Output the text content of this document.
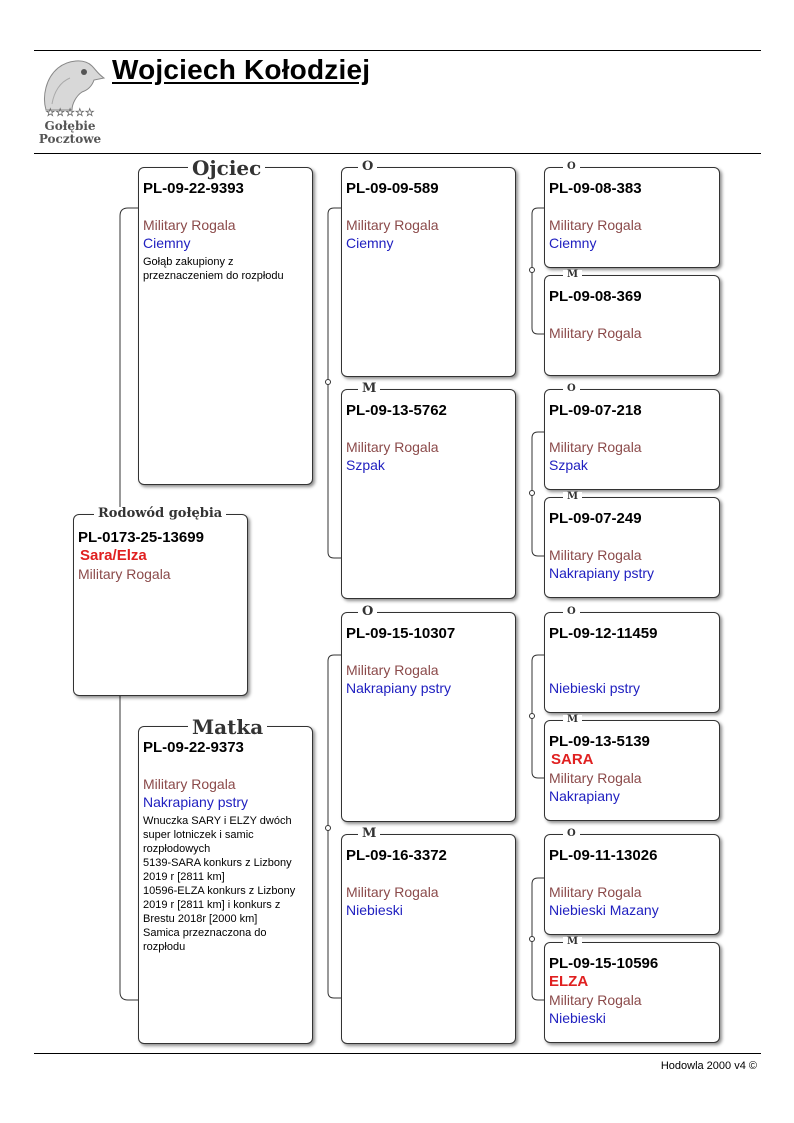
☆☆☆☆☆
Gołębie
Pocztowe
Wojciech Kołodziej
PL-0173-25-13699
Sara/Elza
Military Rogala
Rodowód gołębia
PL-09-22-9393
Military Rogala
Ciemny
Gołąb zakupiony z przeznaczeniem do rozpłodu
Ojciec
PL-09-22-9373
Military Rogala
Nakrapiany pstry
Wnuczka SARY i ELZY dwóch super lotniczek i samic rozpłodowych
5139-SARA konkurs z Lizbony 2019 r [2811 km]
10596-ELZA konkurs z Lizbony 2019 r [2811 km] i konkurs z Brestu 2018r [2000 km]
Samica przeznaczona do rozpłodu
Matka
PL-09-09-589
Military Rogala
Ciemny
O
PL-09-13-5762
Military Rogala
Szpak
M
PL-09-15-10307
Military Rogala
Nakrapiany pstry
O
PL-09-16-3372
Military Rogala
Niebieski
M
PL-09-08-383
Military Rogala
Ciemny
O
PL-09-08-369
Military Rogala
M
PL-09-07-218
Military Rogala
Szpak
O
PL-09-07-249
Military Rogala
Nakrapiany pstry
M
PL-09-12-11459
Niebieski pstry
O
PL-09-13-5139
SARA
Military Rogala
Nakrapiany
M
PL-09-11-13026
Military Rogala
Niebieski Mazany
O
PL-09-15-10596
ELZA
Military Rogala
Niebieski
M
Hodowla 2000 v4 ©
